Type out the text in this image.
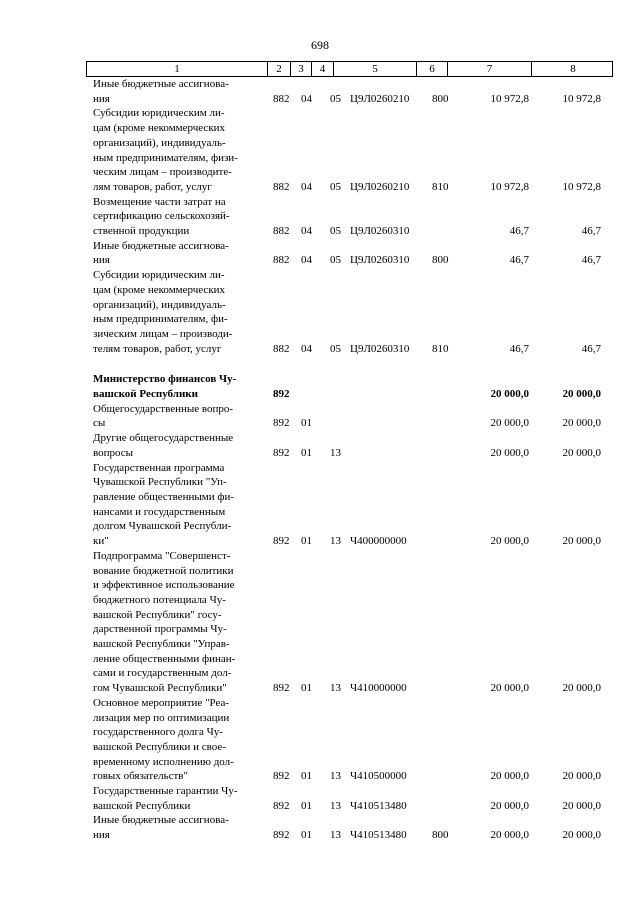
698
1	2	3	4	5	6	7	8
Иные бюджетные ассигнова-
ния	882 04 05 Ц9Л0260210 800	10 972,8	10 972,8
Субсидии юридическим ли-
цам (кроме некоммерческих
организаций), индивидуаль-
ным предпринимателям, физи-
ческим лицам – производите-
лям товаров, работ, услуг	882 04 05 Ц9Л0260210 810	10 972,8	10 972,8
Возмещение части затрат на
сертификацию сельскохозяй-
ственной продукции	882 04 05 Ц9Л0260310	46,7	46,7
Иные бюджетные ассигнова-
ния	882 04 05 Ц9Л0260310 800	46,7	46,7
Субсидии юридическим ли-
цам (кроме некоммерческих
организаций), индивидуаль-
ным предпринимателям, фи-
зическим лицам – производи-
телям товаров, работ, услуг	882 04 05 Ц9Л0260310 810	46,7	46,7
Министерство финансов Чу-
вашской Республики	892	20 000,0	20 000,0
Общегосударственные вопро-
сы	892 01	20 000,0	20 000,0
Другие общегосударственные
вопросы	892 01 13	20 000,0	20 000,0
Государственная программа
Чувашской Республики "Уп-
равление общественными фи-
нансами и государственным
долгом Чувашской Республи-
ки"	892 01 13 Ч400000000	20 000,0	20 000,0
Подпрограмма "Совершенст-
вование бюджетной политики
и эффективное использование
бюджетного потенциала Чу-
вашской Республики" госу-
дарственной программы Чу-
вашской Республики "Управ-
ление общественными финан-
сами и государственным дол-
гом Чувашской Республики"	892 01 13 Ч410000000	20 000,0	20 000,0
Основное мероприятие "Реа-
лизация мер по оптимизации
государственного долга Чу-
вашской Республики и свое-
временному исполнению дол-
говых обязательств"	892 01 13 Ч410500000	20 000,0	20 000,0
Государственные гарантии Чу-
вашской Республики	892 01 13 Ч410513480	20 000,0	20 000,0
Иные бюджетные ассигнова-
ния	892 01 13 Ч410513480 800	20 000,0	20 000,0
